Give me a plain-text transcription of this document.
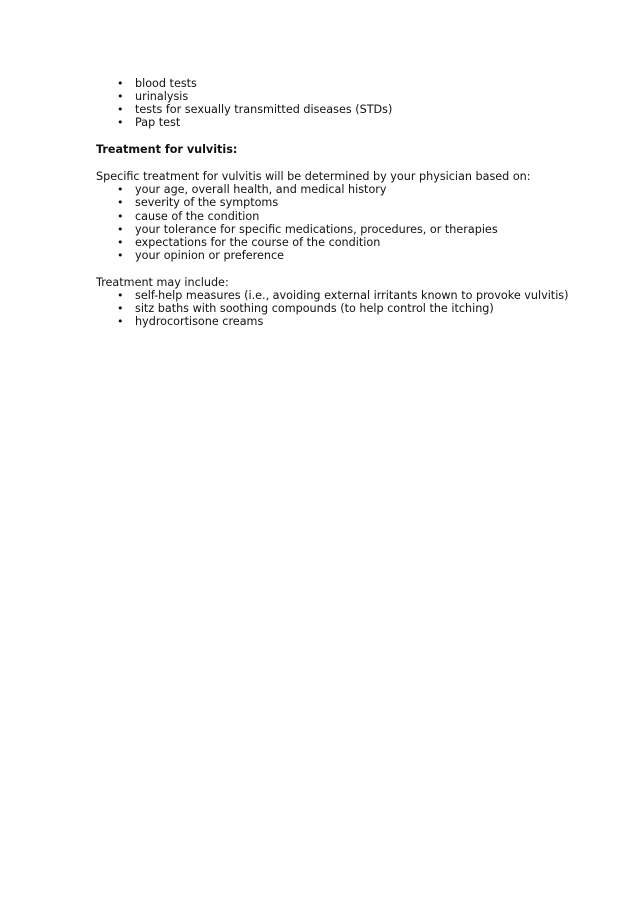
• blood tests
• urinalysis
• tests for sexually transmitted diseases (STDs)
• Pap test
Treatment for vulvitis:
Specific treatment for vulvitis will be determined by your physician based on:
• your age, overall health, and medical history
• severity of the symptoms
• cause of the condition
• your tolerance for specific medications, procedures, or therapies
• expectations for the course of the condition
• your opinion or preference
Treatment may include:
• self-help measures (i.e., avoiding external irritants known to provoke vulvitis)
• sitz baths with soothing compounds (to help control the itching)
• hydrocortisone creams
